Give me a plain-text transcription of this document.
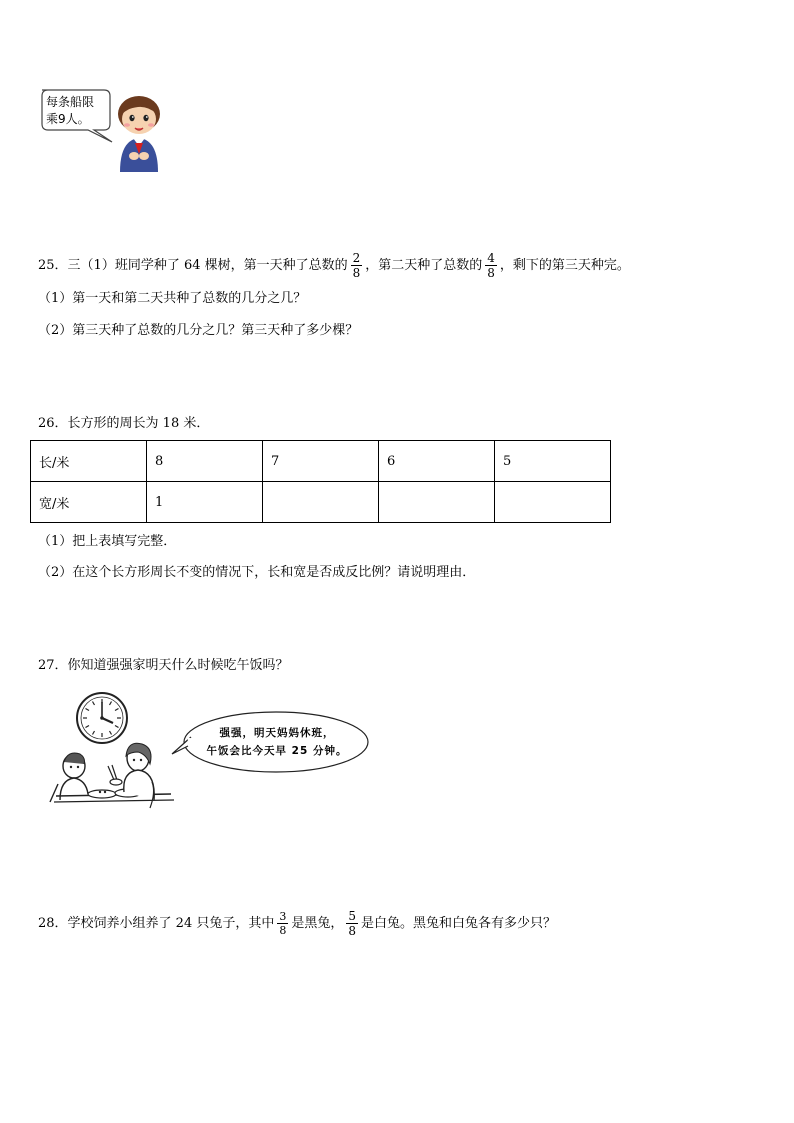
每条船限
乘9人。
25．三（1）班同学种了 64 棵树，第一天种了总数的 $\frac{2}{8}$ ，第二天种了总数的 $\frac{4}{8}$ ，剩下的第三天种完。
（1）第一天和第二天共种了总数的几分之几？
（2）第三天种了总数的几分之几？第三天种了多少棵？
26．长方形的周长为 18 米．
长/米	8	7	6	5
宽/米	1			
（1）把上表填写完整．
（2）在这个长方形周长不变的情况下，长和宽是否成反比例？请说明理由．
27．你知道强强家明天什么时候吃午饭吗？
强强，明天妈妈休班，
午饭会比今天早 25 分钟。
28．学校饲养小组养了 24 只兔子，其中 $\frac{3}{8}$ 是黑兔， $\frac{5}{8}$ 是白兔。黑兔和白兔各有多少只？
